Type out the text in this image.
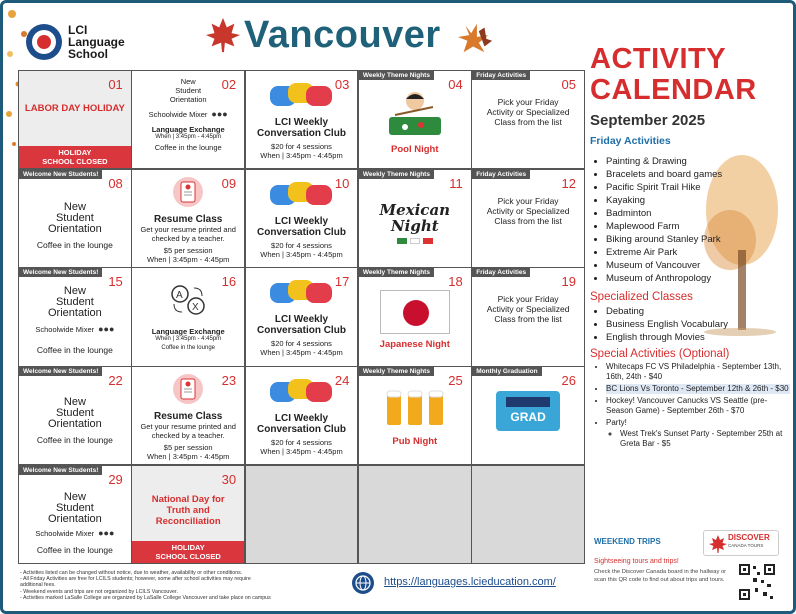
LCI
Language
School	Vancouver
01
LABOR DAY HOLIDAY
HOLIDAY
SCHOOL CLOSED
02
New
Student
Orientation
Schoolwide Mixer ●●●
Language Exchange
When | 3:45pm - 4:45pm
Coffee in the lounge
03
LCI Weekly Conversation Club
$20 for 4 sessions
When | 3:45pm - 4:45pm
Weekly Theme Nights
04
Pool Night
Friday Activities
05
Pick your Friday Activity or Specialized Class from the list
Welcome New Students!
08
New
Student
Orientation
Coffee in the lounge
09
Resume Class
Get your resume printed and checked by a teacher.
$5 per session
When | 3:45pm - 4:45pm
10
LCI Weekly Conversation Club
$20 for 4 sessions
When | 3:45pm - 4:45pm
Weekly Theme Nights
11
Mexican Night
Friday Activities
12
Pick your Friday Activity or Specialized Class from the list
Welcome New Students!
15
New
Student
Orientation
Schoolwide Mixer ●●●
Coffee in the lounge
16
A
X
Language Exchange
When | 3:45pm - 4:45pm
Coffee in the lounge
17
LCI Weekly Conversation Club
$20 for 4 sessions
When | 3:45pm - 4:45pm
Weekly Theme Nights
18
Japanese Night
Friday Activities
19
Pick your Friday Activity or Specialized Class from the list
Welcome New Students!
22
New
Student
Orientation
Coffee in the lounge
23
Resume Class
Get your resume printed and checked by a teacher.
$5 per session
When | 3:45pm - 4:45pm
24
LCI Weekly Conversation Club
$20 for 4 sessions
When | 3:45pm - 4:45pm
Weekly Theme Nights
25
Pub Night
Monthly Graduation
26
GRAD
Welcome New Students!
29
New
Student
Orientation
Schoolwide Mixer ●●●
Coffee in the lounge
30
National Day for Truth and Reconciliation
HOLIDAY
SCHOOL CLOSED
ACTIVITY
CALENDAR
September 2025
Friday Activities
• Painting & Drawing
• Bracelets and board games
• Pacific Spirit Trail Hike
• Kayaking
• Badminton
• Maplewood Farm
• Biking around Stanley Park
• Extreme Air Park
• Museum of Vancouver
• Museum of Anthropology
Specialized Classes
• Debating
• Business English Vocabulary
• English through Movies
Special Activities (Optional)
• Whitecaps FC VS Philadelphia - September 13th, 16th, 24th - $40
• BC Lions Vs Toronto - September 12th & 26th - $30
• Hockey! Vancouver Canucks VS Seattle (pre-Season Game) - September 26th - $70
• Party!
◦ West Trek's Sunset Party - September 25th at Greta Bar - $5
WEEKEND TRIPS	DISCOVER
CANADA TOURS
Sightseeing tours and trips!
Check the Discover Canada board in the hallway or scan this QR code to find out about trips and tours.
- Activities listed can be changed without notice, due to weather, availability or other conditions.
- All Friday Activities are free for LCILS students; however, some after school activities may require
additional fees.
- Weekend events and trips are not organized by LCILS Vancouver.
- Activities marked LaSalle College are organized by LaSalle College Vancouver and take place on campus
https://languages.lcieducation.com/
